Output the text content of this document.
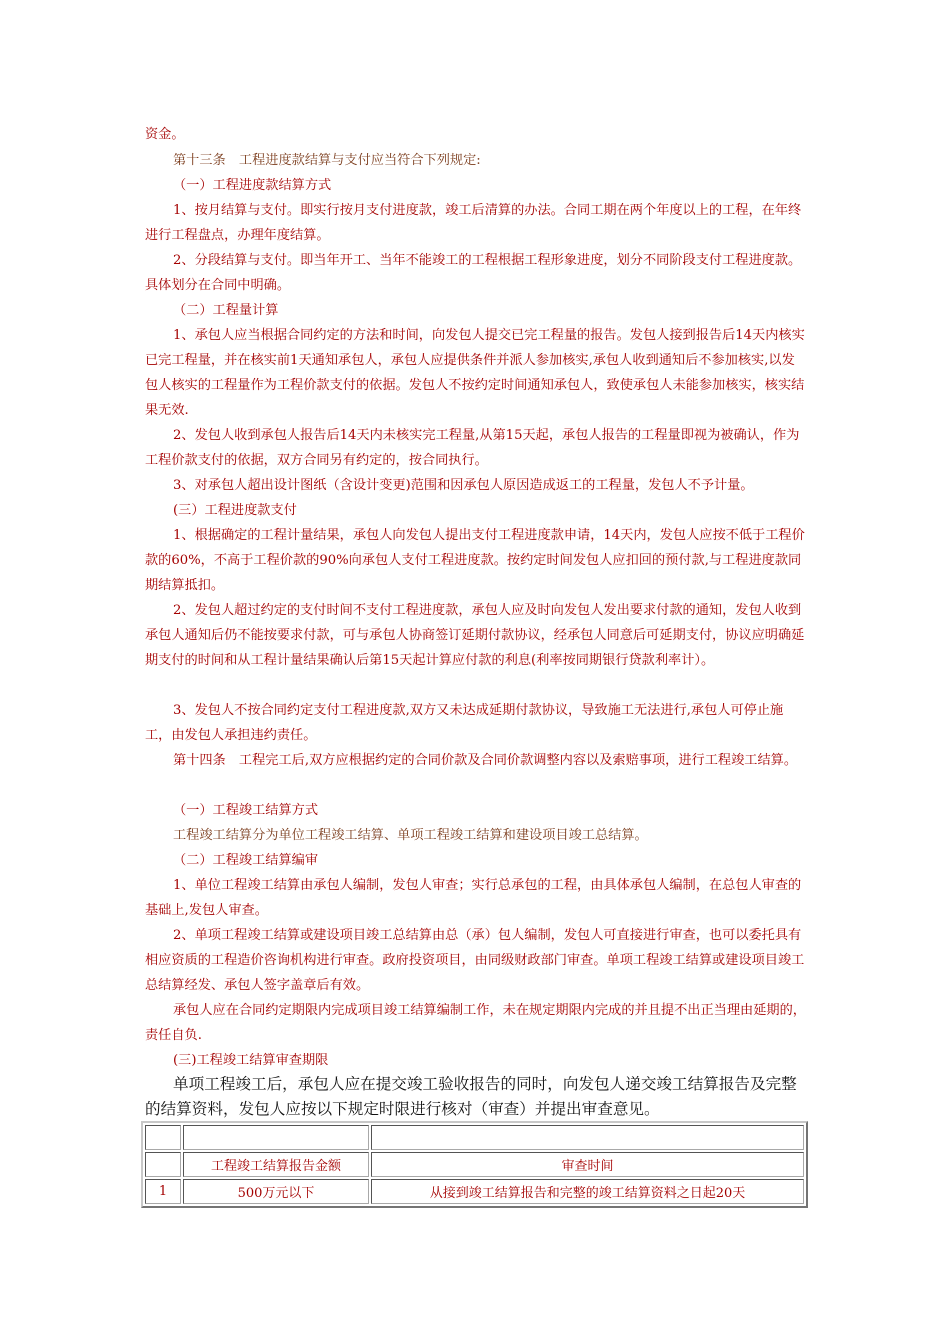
资金。

第十三条　工程进度款结算与支付应当符合下列规定:

（一）工程进度款结算方式

1、按月结算与支付。即实行按月支付进度款，竣工后清算的办法。合同工期在两个年度以上的工程，在年终进行工程盘点，办理年度结算。

2、分段结算与支付。即当年开工、当年不能竣工的工程根据工程形象进度，划分不同阶段支付工程进度款。具体划分在合同中明确。

（二）工程量计算

1、承包人应当根据合同约定的方法和时间，向发包人提交已完工程量的报告。发包人接到报告后14天内核实已完工程量，并在核实前1天通知承包人，承包人应提供条件并派人参加核实,承包人收到通知后不参加核实,以发包人核实的工程量作为工程价款支付的依据。发包人不按约定时间通知承包人，致使承包人未能参加核实，核实结果无效.

2、发包人收到承包人报告后14天内未核实完工程量,从第15天起，承包人报告的工程量即视为被确认，作为工程价款支付的依据，双方合同另有约定的，按合同执行。

3、对承包人超出设计图纸（含设计变更)范围和因承包人原因造成返工的工程量，发包人不予计量。

(三）工程进度款支付

1、根据确定的工程计量结果，承包人向发包人提出支付工程进度款申请，14天内，发包人应按不低于工程价款的60%，不高于工程价款的90%向承包人支付工程进度款。按约定时间发包人应扣回的预付款,与工程进度款同期结算抵扣。

2、发包人超过约定的支付时间不支付工程进度款，承包人应及时向发包人发出要求付款的通知，发包人收到承包人通知后仍不能按要求付款，可与承包人协商签订延期付款协议，经承包人同意后可延期支付，协议应明确延期支付的时间和从工程计量结果确认后第15天起计算应付款的利息(利率按同期银行贷款利率计）。

3、发包人不按合同约定支付工程进度款,双方又未达成延期付款协议，导致施工无法进行,承包人可停止施工，由发包人承担违约责任。

第十四条　工程完工后,双方应根据约定的合同价款及合同价款调整内容以及索赔事项，进行工程竣工结算。

（一）工程竣工结算方式

工程竣工结算分为单位工程竣工结算、单项工程竣工结算和建设项目竣工总结算。

（二）工程竣工结算编审

1、单位工程竣工结算由承包人编制，发包人审查；实行总承包的工程，由具体承包人编制，在总包人审查的基础上,发包人审查。

2、单项工程竣工结算或建设项目竣工总结算由总（承）包人编制，发包人可直接进行审查，也可以委托具有相应资质的工程造价咨询机构进行审查。政府投资项目，由同级财政部门审查。单项工程竣工结算或建设项目竣工总结算经发、承包人签字盖章后有效。

承包人应在合同约定期限内完成项目竣工结算编制工作，未在规定期限内完成的并且提不出正当理由延期的，责任自负.

(三)工程竣工结算审查期限

单项工程竣工后，承包人应在提交竣工验收报告的同时，向发包人递交竣工结算报告及完整的结算资料，发包人应按以下规定时限进行核对（审查）并提出审查意见。

	工程竣工结算报告金额	审查时间
1	500万元以下	从接到竣工结算报告和完整的竣工结算资料之日起20天
